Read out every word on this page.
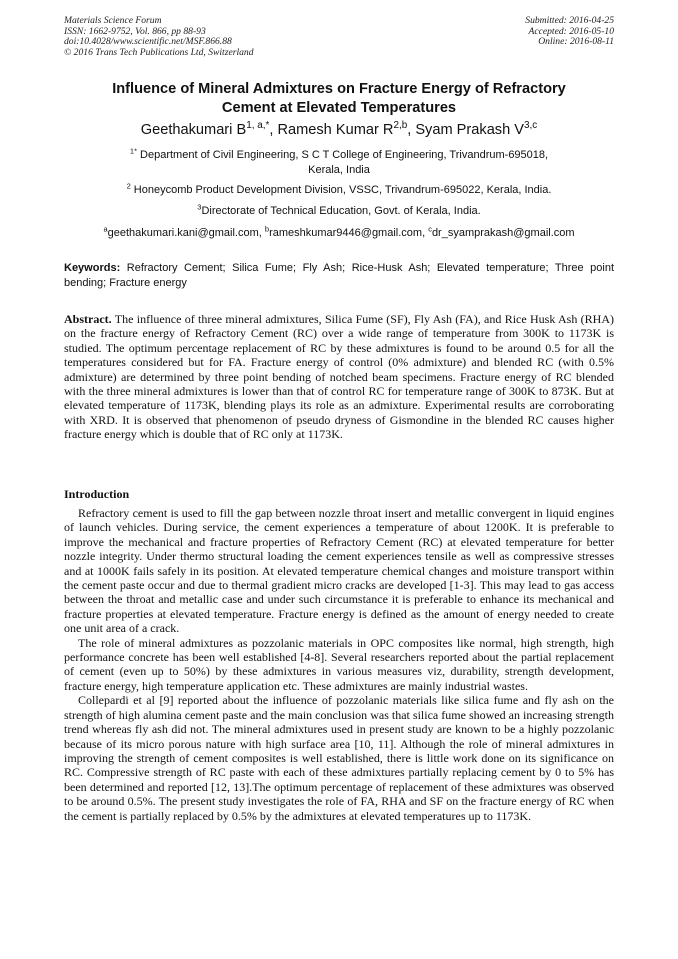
Materials Science Forum
ISSN: 1662-9752, Vol. 866, pp 88-93
doi:10.4028/www.scientific.net/MSF.866.88
© 2016 Trans Tech Publications Ltd, Switzerland
Submitted: 2016-04-25
Accepted: 2016-05-10
Online: 2016-08-11
Influence of Mineral Admixtures on Fracture Energy of Refractory
Cement at Elevated Temperatures
Geethakumari $B^{1, a,*}$, Ramesh Kumar R$^{2,b}$, Syam Prakash V$^{3,c}$
$^{1*}$ Department of Civil Engineering, S C T College of Engineering, Trivandrum-695018,
Kerala, India
$^2$ Honeycomb Product Development Division, VSSC, Trivandrum-695022, Kerala, India.
$^3$Directorate of Technical Education, Govt. of Kerala, India.
$^a$geethakumari.kani@gmail.com, $^b$rameshkumar9446@gmail.com, $^c$dr_syamprakash@gmail.com
Keywords: Refractory Cement; Silica Fume; Fly Ash; Rice-Husk Ash; Elevated temperature; Three point bending; Fracture energy
Abstract. The influence of three mineral admixtures, Silica Fume (SF), Fly Ash (FA), and Rice Husk Ash (RHA) on the fracture energy of Refractory Cement (RC) over a wide range of temperature from 300K to 1173K is studied. The optimum percentage replacement of RC by these admixtures is found to be around 0.5 for all the temperatures considered but for FA. Fracture energy of control (0% admixture) and blended RC (with 0.5% admixture) are determined by three point bending of notched beam specimens. Fracture energy of RC blended with the three mineral admixtures is lower than that of control RC for temperature range of 300K to 873K. But at elevated temperature of 1173K, blending plays its role as an admixture. Experimental results are corroborating with XRD. It is observed that phenomenon of pseudo dryness of Gismondine in the blended RC causes higher fracture energy which is double that of RC only at 1173K.
Introduction

Refractory cement is used to fill the gap between nozzle throat insert and metallic convergent in liquid engines of launch vehicles. During service, the cement experiences a temperature of about 1200K. It is preferable to improve the mechanical and fracture properties of Refractory Cement (RC) at elevated temperature for better nozzle integrity. Under thermo structural loading the cement experiences tensile as well as compressive stresses and at 1000K fails safely in its position. At elevated temperature chemical changes and moisture transport within the cement paste occur and due to thermal gradient micro cracks are developed [1-3]. This may lead to gas access between the throat and metallic case and under such circumstance it is preferable to enhance its mechanical and fracture properties at elevated temperature. Fracture energy is defined as the amount of energy needed to create one unit area of a crack.

The role of mineral admixtures as pozzolanic materials in OPC composites like normal, high strength, high performance concrete has been well established [4-8]. Several researchers reported about the partial replacement of cement (even up to 50%) by these admixtures in various measures viz, durability, strength development, fracture energy, high temperature application etc. These admixtures are mainly industrial wastes.

Collepardi et al [9] reported about the influence of pozzolanic materials like silica fume and fly ash on the strength of high alumina cement paste and the main conclusion was that silica fume showed an increasing strength trend whereas fly ash did not. The mineral admixtures used in present study are known to be a highly pozzolanic because of its micro porous nature with high surface area [10, 11]. Although the role of mineral admixtures in improving the strength of cement composites is well established, there is little work done on its significance on RC. Compressive strength of RC paste with each of these admixtures partially replacing cement by 0 to 5% has been determined and reported [12, 13].The optimum percentage of replacement of these admixtures was observed to be around 0.5%. The present study investigates the role of FA, RHA and SF on the fracture energy of RC when the cement is partially replaced by 0.5% by the admixtures at elevated temperatures up to 1173K.
